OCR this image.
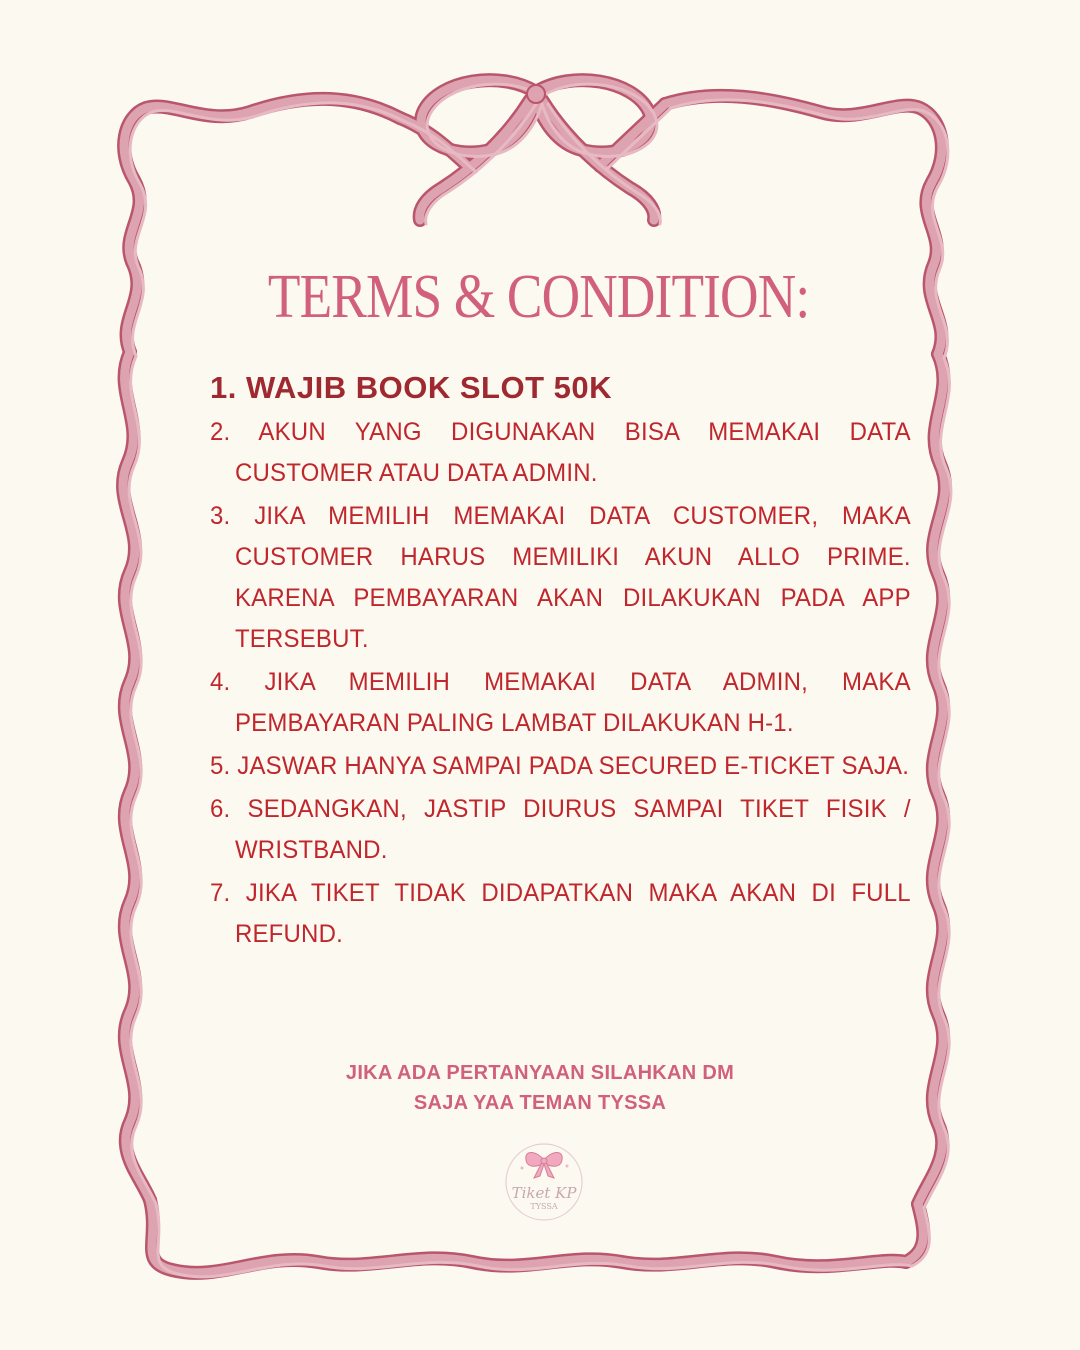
TERMS & CONDITION:
1. WAJIB BOOK SLOT 50K
2. AKUN YANG DIGUNAKAN BISA MEMAKAI DATA CUSTOMER ATAU DATA ADMIN.
3. JIKA MEMILIH MEMAKAI DATA CUSTOMER, MAKA CUSTOMER HARUS MEMILIKI AKUN ALLO PRIME. KARENA PEMBAYARAN AKAN DILAKUKAN PADA APP TERSEBUT.
4. JIKA MEMILIH MEMAKAI DATA ADMIN, MAKA PEMBAYARAN PALING LAMBAT DILAKUKAN H-1.
5. JASWAR HANYA SAMPAI PADA SECURED E-TICKET SAJA.
6. SEDANGKAN, JASTIP DIURUS SAMPAI TIKET FISIK / WRISTBAND.
7. JIKA TIKET TIDAK DIDAPATKAN MAKA AKAN DI FULL REFUND.
JIKA ADA PERTANYAAN SILAHKAN DM
SAJA YAA TEMAN TYSSA
Tiket KP
TYSSA
